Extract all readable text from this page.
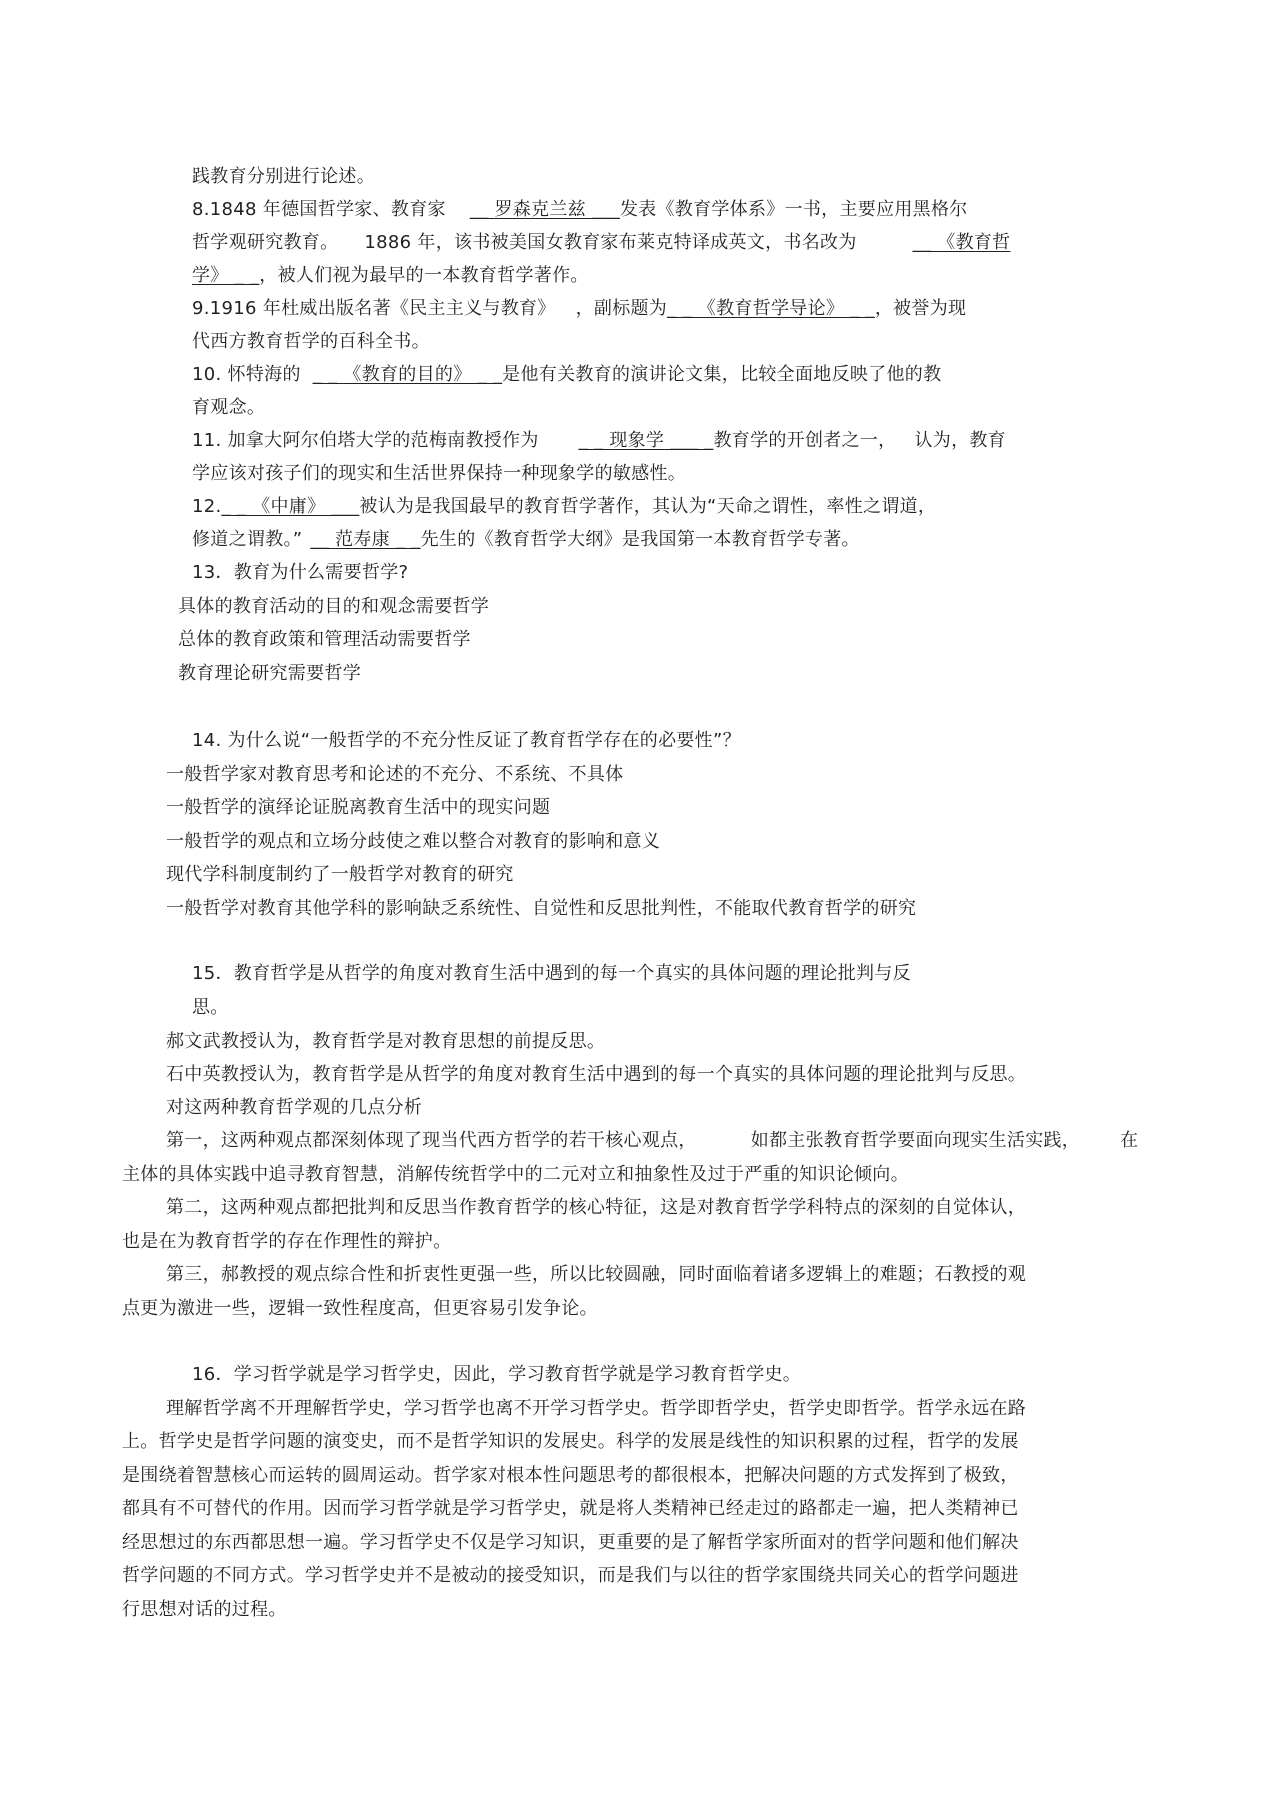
践教育分别进行论述。
8.1848 年德国哲学家、教育家 __ 罗森克兰兹 ___发表《教育学体系》一书，主要应用黑格尔
哲学观研究教育。 1886 年，该书被美国女教育家布莱克特译成英文，书名改为	__ 《教育哲
学》 _ _，被人们视为最早的一本教育哲学著作。
9.1916 年杜威出版名著《民主主义与教育》 ，副标题为_ _ 《教育哲学导论》 _ _，被誉为现
代西方教育哲学的百科全书。
10. 怀特海的 _ _ 《教育的目的》 _ _是他有关教育的演讲论文集，比较全面地反映了他的教
育观念。
11. 加拿大阿尔伯塔大学的范梅南教授作为 _ _ 现象学 ___ _教育学的开创者之一， 认为，教育
学应该对孩子们的现实和生活世界保持一种现象学的敏感性。
12._ _ 《中庸》 ___被认为是我国最早的教育哲学著作，其认为“天命之谓性，率性之谓道，
修道之谓教。” __ 范寿康 _ _先生的《教育哲学大纲》是我国第一本教育哲学专著。
13．教育为什么需要哲学?
具体的教育活动的目的和观念需要哲学
总体的教育政策和管理活动需要哲学
教育理论研究需要哲学
14. 为什么说“一般哲学的不充分性反证了教育哲学存在的必要性”？
一般哲学家对教育思考和论述的不充分、不系统、不具体
一般哲学的演绎论证脱离教育生活中的现实问题
一般哲学的观点和立场分歧使之难以整合对教育的影响和意义
现代学科制度制约了一般哲学对教育的研究
一般哲学对教育其他学科的影响缺乏系统性、自觉性和反思批判性，不能取代教育哲学的研究
15．教育哲学是从哲学的角度对教育生活中遇到的每一个真实的具体问题的理论批判与反
思。
郝文武教授认为，教育哲学是对教育思想的前提反思。
石中英教授认为，教育哲学是从哲学的角度对教育生活中遇到的每一个真实的具体问题的理论批判与反思。
对这两种教育哲学观的几点分析
第一，这两种观点都深刻体现了现当代西方哲学的若干核心观点，	如都主张教育哲学要面向现实生活实践， 在
主体的具体实践中追寻教育智慧，消解传统哲学中的二元对立和抽象性及过于严重的知识论倾向。
第二，这两种观点都把批判和反思当作教育哲学的核心特征，这是对教育哲学学科特点的深刻的自觉体认，
也是在为教育哲学的存在作理性的辩护。
第三，郝教授的观点综合性和折衷性更强一些，所以比较圆融，同时面临着诸多逻辑上的难题；石教授的观
点更为激进一些，逻辑一致性程度高，但更容易引发争论。
16．学习哲学就是学习哲学史，因此，学习教育哲学就是学习教育哲学史。
理解哲学离不开理解哲学史，学习哲学也离不开学习哲学史。哲学即哲学史，哲学史即哲学。哲学永远在路
上。哲学史是哲学问题的演变史，而不是哲学知识的发展史。科学的发展是线性的知识积累的过程，哲学的发展
是围绕着智慧核心而运转的圆周运动。哲学家对根本性问题思考的都很根本，把解决问题的方式发挥到了极致，
都具有不可替代的作用。因而学习哲学就是学习哲学史，就是将人类精神已经走过的路都走一遍，把人类精神已
经思想过的东西都思想一遍。学习哲学史不仅是学习知识，更重要的是了解哲学家所面对的哲学问题和他们解决
哲学问题的不同方式。学习哲学史并不是被动的接受知识，而是我们与以往的哲学家围绕共同关心的哲学问题进
行思想对话的过程。
